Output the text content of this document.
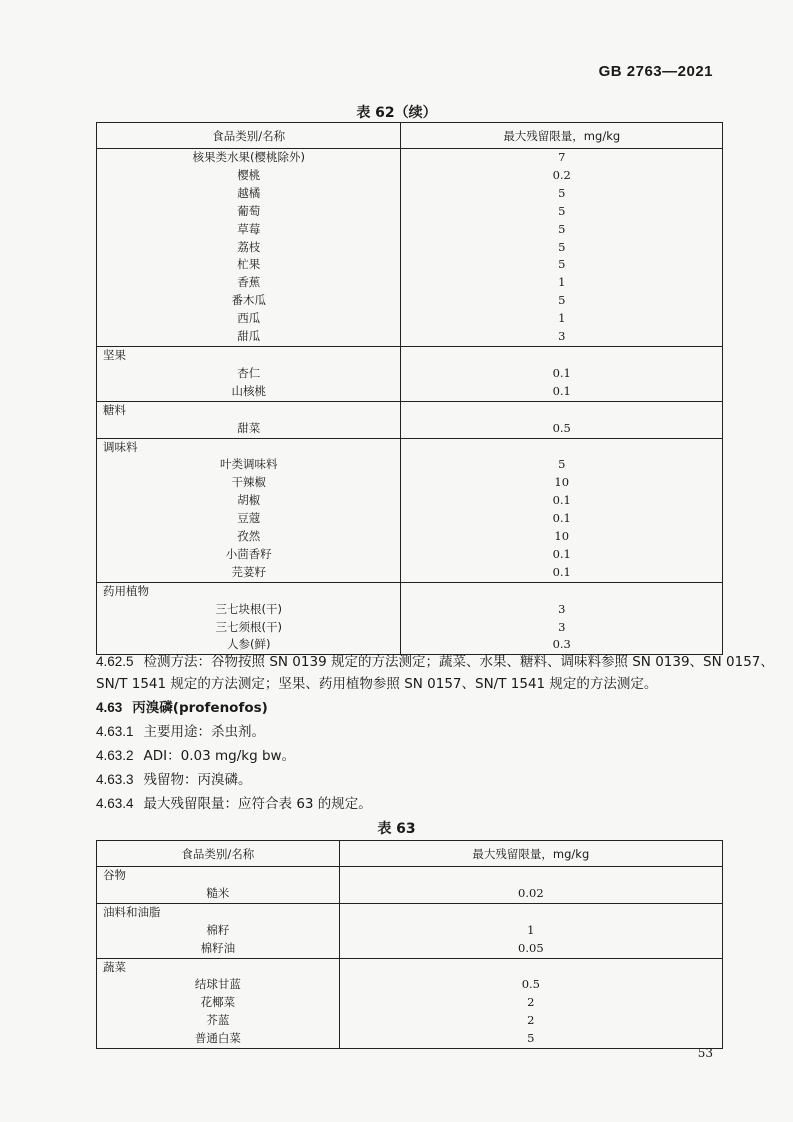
GB 2763—2021
表 62（续）
食品类别/名称	最大残留限量，mg/kg
核果类水果(樱桃除外)	7
樱桃	0.2
越橘	5
葡萄	5
草莓	5
荔枝	5
杧果	5
香蕉	1
番木瓜	5
西瓜	1
甜瓜	3
坚果	
杏仁	0.1
山核桃	0.1
糖料	
甜菜	0.5
调味料	
叶类调味料	5
干辣椒	10
胡椒	0.1
豆蔻	0.1
孜然	10
小茴香籽	0.1
芫荽籽	0.1
药用植物	
三七块根(干)	3
三七须根(干)	3
人参(鲜)	0.3
4.62.5 检测方法：谷物按照 SN 0139 规定的方法测定；蔬菜、水果、糖料、调味料参照 SN 0139、SN 0157、
SN/T 1541 规定的方法测定；坚果、药用植物参照 SN 0157、SN/T 1541 规定的方法测定。
4.63 丙溴磷(profenofos)
4.63.1 主要用途：杀虫剂。
4.63.2 ADI：0.03 mg/kg bw。
4.63.3 残留物：丙溴磷。
4.63.4 最大残留限量：应符合表 63 的规定。
表 63
食品类别/名称	最大残留限量，mg/kg
谷物	
糙米	0.02
油料和油脂	
棉籽	1
棉籽油	0.05
蔬菜	
结球甘蓝	0.5
花椰菜	2
芥蓝	2
普通白菜	5
53
